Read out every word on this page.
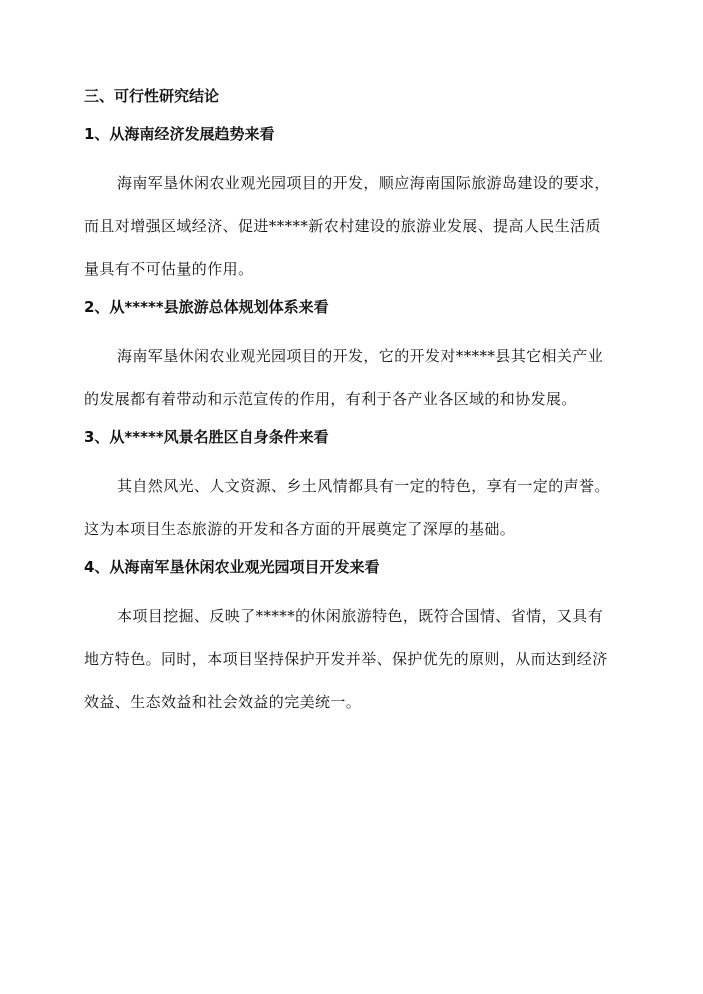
三、可行性研究结论
1、从海南经济发展趋势来看
海南军垦休闲农业观光园项目的开发，顺应海南国际旅游岛建设的要求，而且对增强区域经济、促进*****新农村建设的旅游业发展、提高人民生活质量具有不可估量的作用。
2、从*****县旅游总体规划体系来看
海南军垦休闲农业观光园项目的开发，它的开发对*****县其它相关产业的发展都有着带动和示范宣传的作用，有利于各产业各区域的和协发展。
3、从*****风景名胜区自身条件来看
其自然风光、人文资源、乡土风情都具有一定的特色，享有一定的声誉。这为本项目生态旅游的开发和各方面的开展奠定了深厚的基础。
4、从海南军垦休闲农业观光园项目开发来看
本项目挖掘、反映了*****的休闲旅游特色，既符合国情、省情，又具有地方特色。同时，本项目坚持保护开发并举、保护优先的原则，从而达到经济效益、生态效益和社会效益的完美统一。
